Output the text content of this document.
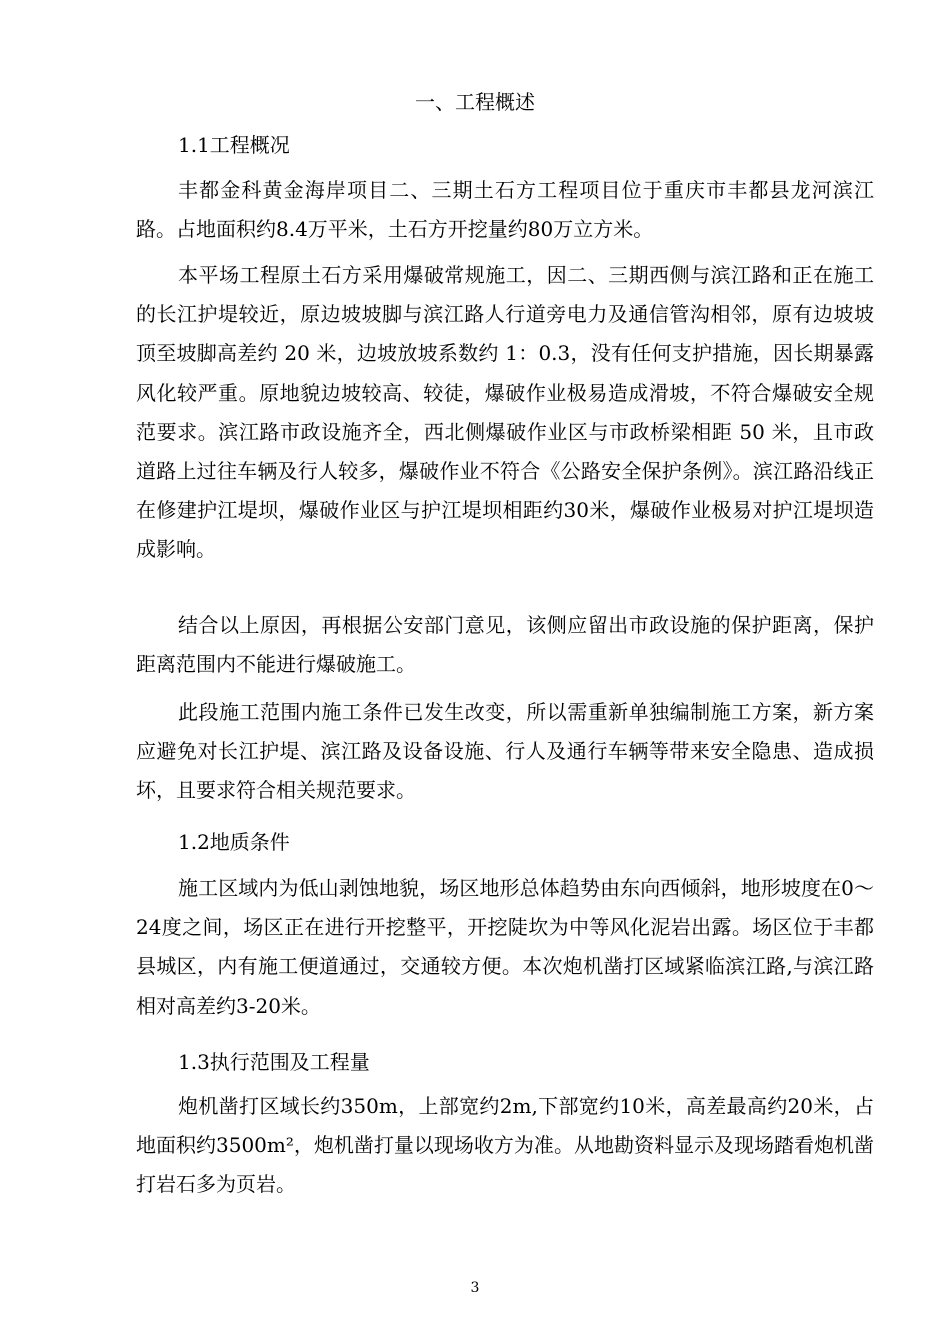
一、工程概述
1.1工程概况

丰都金科黄金海岸项目二、三期土石方工程项目位于重庆市丰都县龙河滨江路。占地面积约8.4万平米，土石方开挖量约80万立方米。

本平场工程原土石方采用爆破常规施工，因二、三期西侧与滨江路和正在施工的长江护堤较近，原边坡坡脚与滨江路人行道旁电力及通信管沟相邻，原有边坡坡顶至坡脚高差约 20 米，边坡放坡系数约 1：0.3，没有任何支护措施，因长期暴露风化较严重。原地貌边坡较高、较徒，爆破作业极易造成滑坡，不符合爆破安全规范要求。滨江路市政设施齐全，西北侧爆破作业区与市政桥梁相距 50 米，且市政道路上过往车辆及行人较多，爆破作业不符合《公路安全保护条例》。滨江路沿线正在修建护江堤坝，爆破作业区与护江堤坝相距约30米，爆破作业极易对护江堤坝造成影响。

结合以上原因，再根据公安部门意见，该侧应留出市政设施的保护距离，保护距离范围内不能进行爆破施工。

此段施工范围内施工条件已发生改变，所以需重新单独编制施工方案，新方案应避免对长江护堤、滨江路及设备设施、行人及通行车辆等带来安全隐患、造成损坏，且要求符合相关规范要求。

1.2地质条件

施工区域内为低山剥蚀地貌，场区地形总体趋势由东向西倾斜，地形坡度在0～24度之间，场区正在进行开挖整平，开挖陡坎为中等风化泥岩出露。场区位于丰都县城区，内有施工便道通过，交通较方便。本次炮机凿打区域紧临滨江路,与滨江路相对高差约3-20米。

1.3执行范围及工程量

炮机凿打区域长约350m，上部宽约2m,下部宽约10米，高差最高约20米，占地面积约3500m²，炮机凿打量以现场收方为准。从地勘资料显示及现场踏看炮机凿打岩石多为页岩。

3
